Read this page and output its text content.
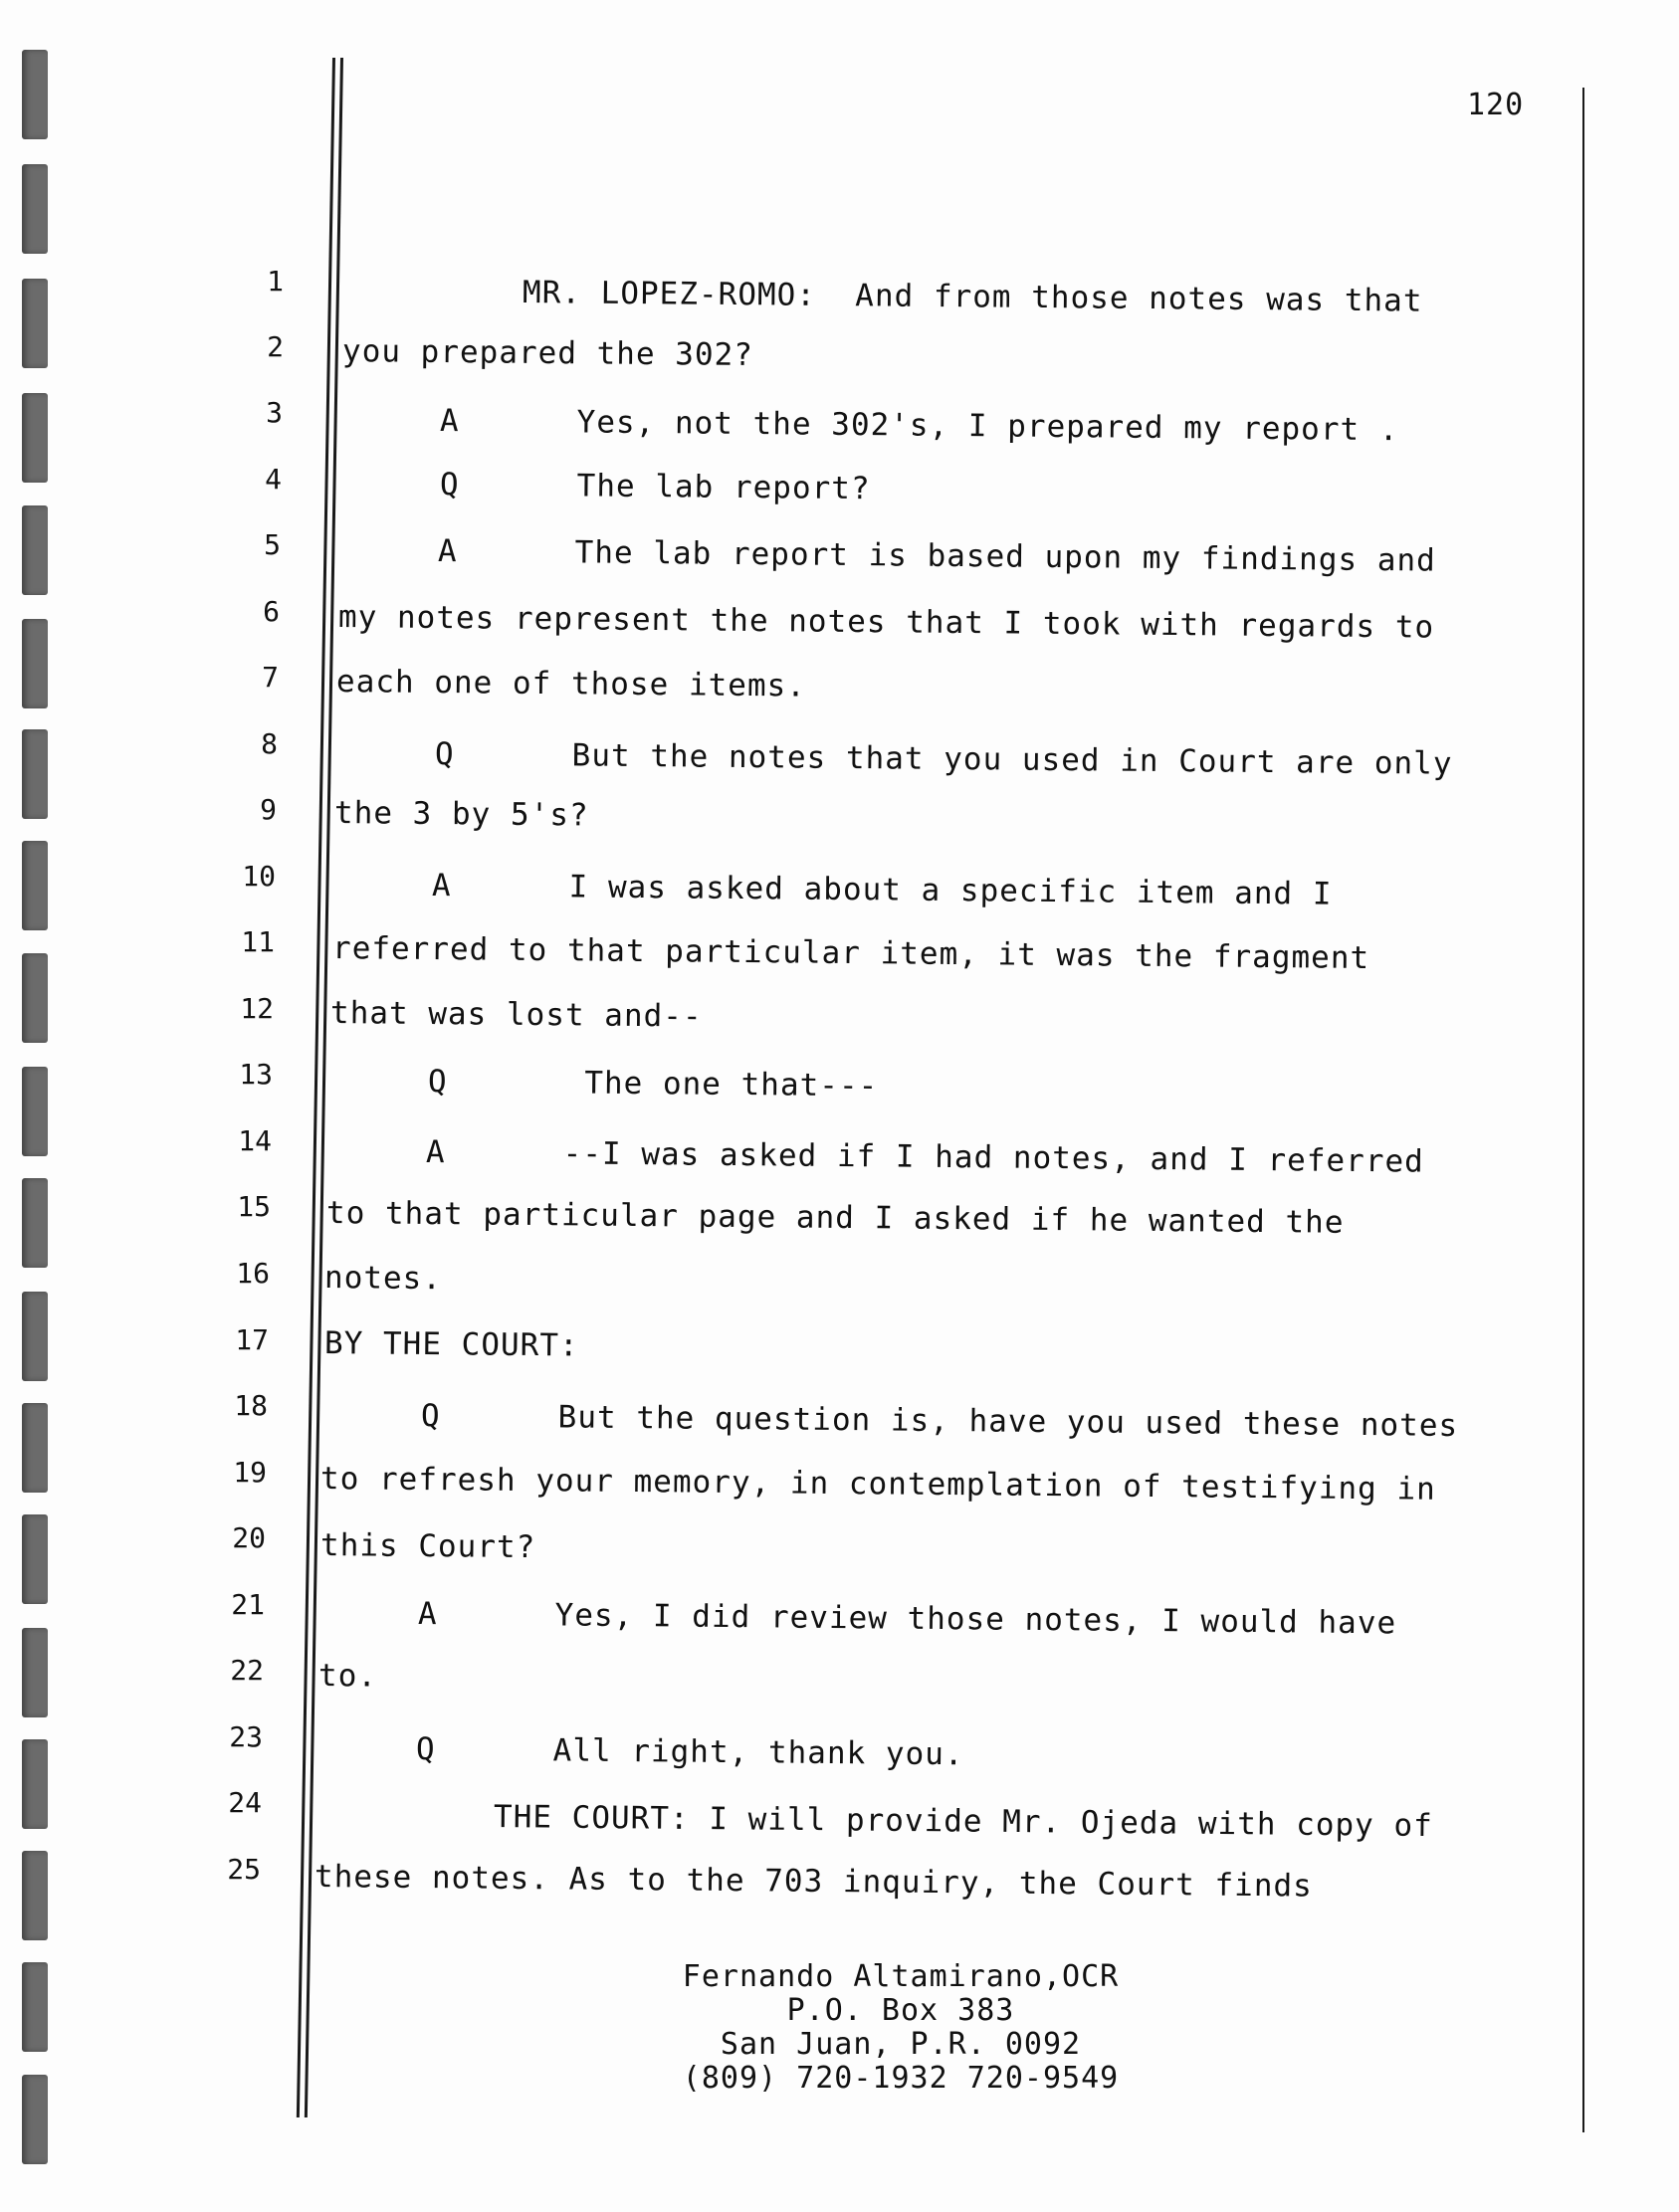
120
1
2
3
4
5
6
7
8
9
10
11
12
13
14
15
16
17
18
19
20
21
22
23
24
25
MR. LOPEZ-ROMO:  And from those notes was that
you prepared the 302?
A      Yes, not the 302's, I prepared my report .
Q      The lab report?
A      The lab report is based upon my findings and
my notes represent the notes that I took with regards to
each one of those items.
Q      But the notes that you used in Court are only
the 3 by 5's?
A      I was asked about a specific item and I
referred to that particular item, it was the fragment
that was lost and--
Q       The one that---
A      --I was asked if I had notes, and I referred
to that particular page and I asked if he wanted the
notes.
BY THE COURT:
Q      But the question is, have you used these notes
to refresh your memory, in contemplation of testifying in
this Court?
A      Yes, I did review those notes, I would have
to.
Q      All right, thank you.
THE COURT: I will provide Mr. Ojeda with copy of
these notes. As to the 703 inquiry, the Court finds
Fernando Altamirano,OCR
P.O. Box 383
San Juan, P.R. 0092
(809) 720-1932 720-9549
